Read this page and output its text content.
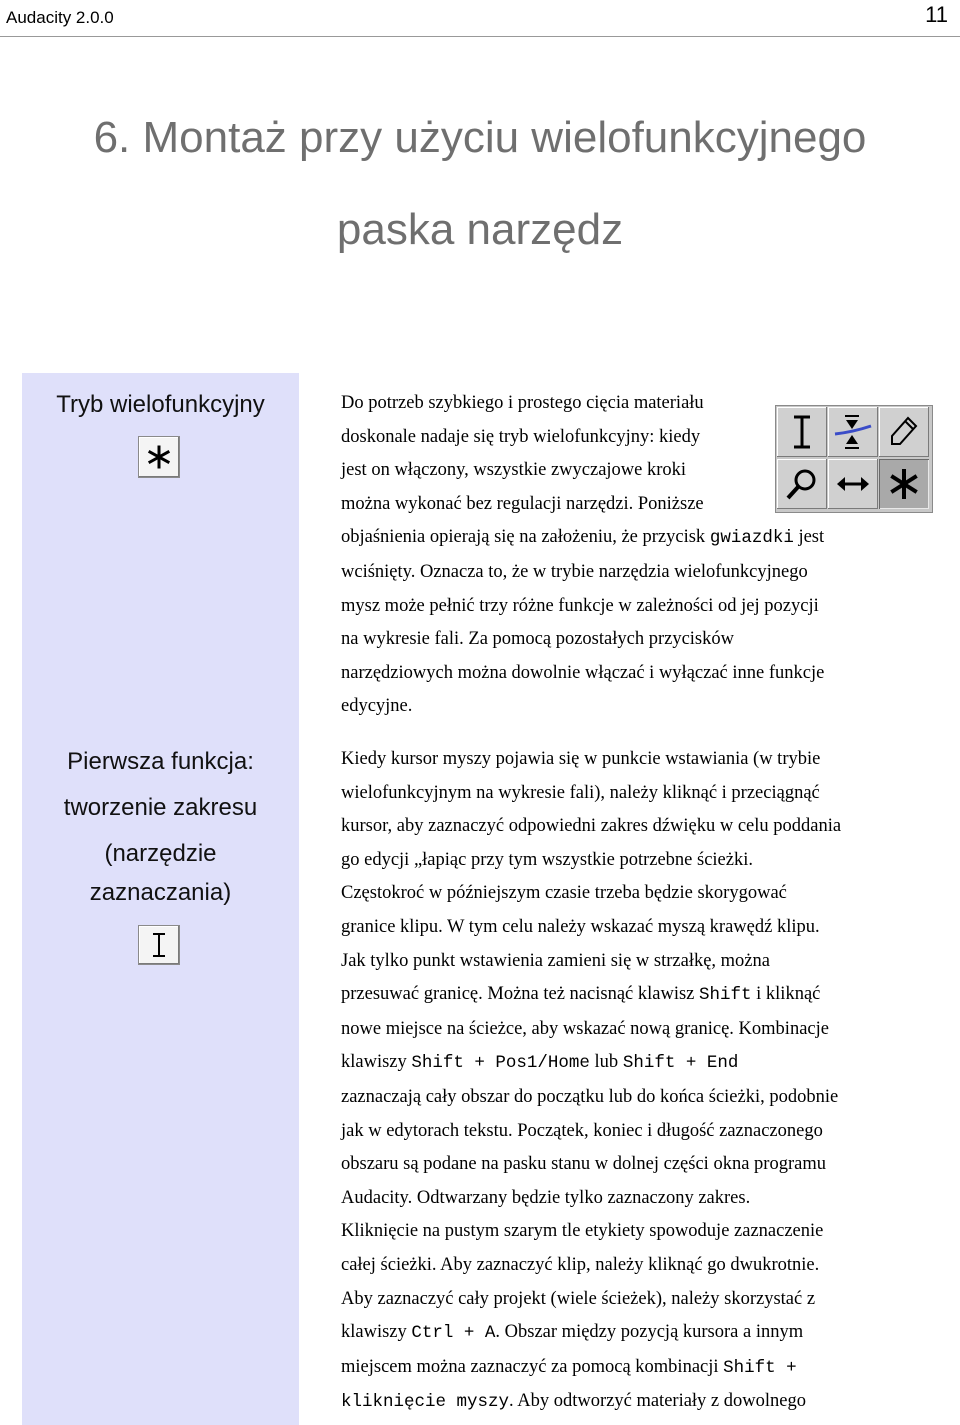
Audacity 2.0.0	11
6. Montaż przy użyciu wielofunkcyjnego
paska narzędz
Tryb wielofunkcyjny
Pierwsza funkcja:
tworzenie zakresu
(narzędzie
zaznaczania)

Do potrzeb szybkiego i prostego cięcia materiału

doskonale nadaje się tryb wielofunkcyjny: kiedy

jest on włączony, wszystkie zwyczajowe kroki

można wykonać bez regulacji narzędzi. Poniższe

objaśnienia opierają się na założeniu, że przycisk gwiazdki jest

wciśnięty. Oznacza to, że w trybie narzędzia wielofunkcyjnego

mysz może pełnić trzy różne funkcje w zależności od jej pozycji

na wykresie fali. Za pomocą pozostałych przycisków

narzędziowych można dowolnie włączać i wyłączać inne funkcje

edycyjne.

Kiedy kursor myszy pojawia się w punkcie wstawiania (w trybie

wielofunkcyjnym na wykresie fali), należy kliknąć i przeciągnąć

kursor, aby zaznaczyć odpowiedni zakres dźwięku w celu poddania

go edycji „łapiąc przy tym wszystkie potrzebne ścieżki.

Częstokroć w późniejszym czasie trzeba będzie skorygować

granice klipu. W tym celu należy wskazać myszą krawędź klipu.

Jak tylko punkt wstawienia zamieni się w strzałkę, można

przesuwać granicę. Można też nacisnąć klawisz Shift i kliknąć

nowe miejsce na ścieżce, aby wskazać nową granicę. Kombinacje

klawiszy Shift + Pos1/Home lub Shift + End

zaznaczają cały obszar do początku lub do końca ścieżki, podobnie

jak w edytorach tekstu. Początek, koniec i długość zaznaczonego

obszaru są podane na pasku stanu w dolnej części okna programu

Audacity. Odtwarzany będzie tylko zaznaczony zakres.

Kliknięcie na pustym szarym tle etykiety spowoduje zaznaczenie

całej ścieżki. Aby zaznaczyć klip, należy kliknąć go dwukrotnie.

Aby zaznaczyć cały projekt (wiele ścieżek), należy skorzystać z

klawiszy Ctrl + A. Obszar między pozycją kursora a innym

miejscem można zaznaczyć za pomocą kombinacji Shift +

kliknięcie myszy. Aby odtworzyć materiały z dowolnego
